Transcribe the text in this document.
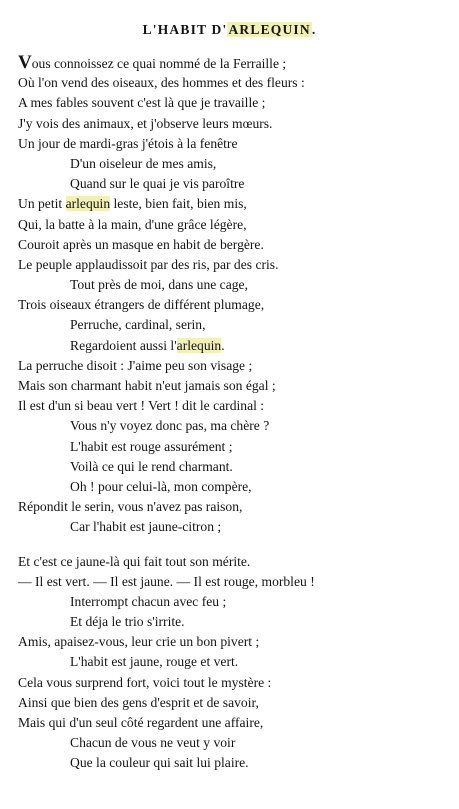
L'HABIT D'ARLEQUIN.
Vous connoissez ce quai nommé de la Ferraille ;
Où l'on vend des oiseaux, des hommes et des fleurs :
A mes fables souvent c'est là que je travaille ;
J'y vois des animaux, et j'observe leurs mœurs.
Un jour de mardi-gras j'étois à la fenêtre
D'un oiseleur de mes amis,
Quand sur le quai je vis paroître
Un petit arlequin leste, bien fait, bien mis,
Qui, la batte à la main, d'une grâce légère,
Couroit après un masque en habit de bergère.
Le peuple applaudissoit par des ris, par des cris.
Tout près de moi, dans une cage,
Trois oiseaux étrangers de différent plumage,
Perruche, cardinal, serin,
Regardoient aussi l'arlequin.
La perruche disoit : J'aime peu son visage ;
Mais son charmant habit n'eut jamais son égal ;
Il est d'un si beau vert ! Vert ! dit le cardinal :
Vous n'y voyez donc pas, ma chère ?
L'habit est rouge assurément ;
Voilà ce qui le rend charmant.
Oh ! pour celui-là, mon compère,
Répondit le serin, vous n'avez pas raison,
Car l'habit est jaune-citron ;
Et c'est ce jaune-là qui fait tout son mérite.
— Il est vert. — Il est jaune. — Il est rouge, morbleu !
Interrompt chacun avec feu ;
Et déja le trio s'irrite.
Amis, apaisez-vous, leur crie un bon pivert ;
L'habit est jaune, rouge et vert.
Cela vous surprend fort, voici tout le mystère :
Ainsi que bien des gens d'esprit et de savoir,
Mais qui d'un seul côté regardent une affaire,
Chacun de vous ne veut y voir
Que la couleur qui sait lui plaire.
